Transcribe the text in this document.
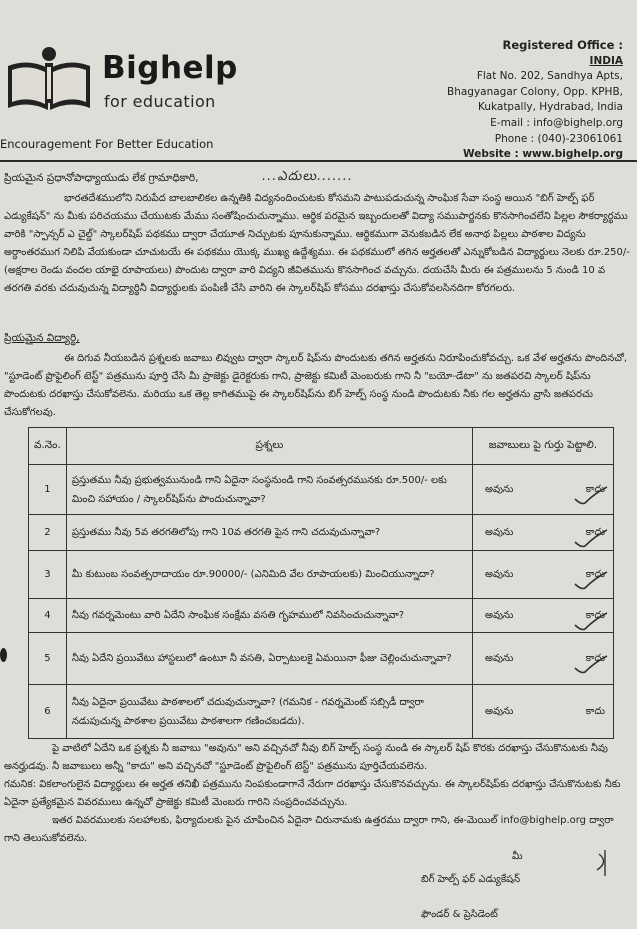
Bighelp
for education
Encouragement For Better Education
Registered Office :
INDIA
Flat No. 202, Sandhya Apts,
Bhagyanagar Colony, Opp. KPHB,
Kukatpally, Hydrabad, India
E-mail : info@bighelp.org
Phone : (040)-23061061
Website : www.bighelp.org
ప్రియమైన ప్రధానోపాధ్యాయుడు లేక గ్రామాధికారి,	...ఎదులు.......
భారతదేశములోని నిరుపేద బాలబాలికల ఉన్నతికి విద్యనందించుటకు కోసమని పాటుపడుచున్న సాంఘిక సేవా సంస్థ అయిన "బిగ్ హెల్ప్ ఫర్ ఎడ్యుకేషన్" ను మీకు పరిచయము చేయుటకు మేము సంతోషించుచున్నాము. ఆర్థిక పరమైన ఇబ్బందులతో విద్యా సముపార్జనకు కొనసాగించలేని పిల్లల సౌకర్యార్థము వారికి "స్పాన్సర్ ఎ చైల్డ్" స్కాలర్‌షిప్ పథకము ద్వారా చేయూత నిచ్చుటకు పూనుకున్నాము. ఆర్థికముగా వెనుకబడిన లేక అనాథ పిల్లలు పాఠశాల విద్యను అర్ధాంతరముగ నిలిపి వేయకుండా చూచుటయే ఈ పథకము యొక్క ముఖ్య ఉద్దేశ్యము. ఈ పథకములో తగిన అర్హతలతో ఎన్నుకోబడిన విద్యార్థులు నెలకు రూ.250/- (అక్షరాల రెండు వందల యాభై రూపాయలు) పొందుట ద్వారా వారి విద్యని జీవితమును కొనసాగించ వచ్చును. దయచేసి మీరు ఈ పత్రములను 5 నుండి 10 వ తరగతి వరకు చదువుచున్న విద్యార్థినీ విద్యార్థులకు పంపిణీ చేసి వారిని ఈ స్కాలర్‌షిప్ కోసము దరఖాస్తు చేసుకోవలసినదిగా కోరగలరు.
ప్రియమైన విద్యార్థి,
ఈ దిగువ నీయబడిన ప్రశ్నలకు జవాబు లివ్వుట ద్వారా స్కాలర్ షిప్‌ను పొందుటకు తగిన అర్హతను నిరూపించుకోవచ్చు. ఒక వేళ అర్హతను పొందినచో, "స్టూడెంట్ ప్రొఫైలింగ్ టెస్ట్" పత్రమును పూర్తి చేసి మీ ప్రాజెక్టు డైరెక్టరుకు గాని, ప్రాజెక్టు కమిటీ మెంబరుకు గాని నీ "బయో-డేటా" ను జతపరచి స్కాలర్ షిప్‌ను పొందుటకు దరఖాస్తు చేసుకోవలెను. మరియు ఒక తెల్ల కాగితముపై ఈ స్కాలర్‌షిప్‌ను బిగ్ హెల్ప్ సంస్థ నుండి పొందుటకు నీకు గల అర్హతను వ్రాసి జతపరచు చేసుకోగలవు.
వ.నెం.	ప్రశ్నలు	జవాబులు పై గుర్తు పెట్టాలి.
1	ప్రస్తుతము నీవు ప్రభుత్వమునుండి గాని ఏదైనా సంస్థనుండి గాని సంవత్సరమునకు రూ.500/- లకు మించి సహాయం / స్కాలర్‌షిప్‌ను పొందుచున్నావా?	అవును కాదు

2	ప్రస్తుతము నీవు 5వ తరగతిలోపు గాని 10వ తరగతి పైన గాని చదువుచున్నావా?	అవును కాదు

3	మీ కుటుంబ సంవత్సరాదాయం రూ.90000/- (ఎనిమిది వేల రూపాయలకు) మించియున్నాదా?	అవును కాదు

4	నీవు గవర్నమెంటు వారి ఏదేని సాంఘిక సంక్షేమ వసతి గృహములో నివసించుచున్నావా?	అవును కాదు

5	నీవు ఏదేని ప్రయివేటు హాస్టలులో ఉంటూ నీ వసతి, ఏర్పాటులకై ఏమయినా ఫీజు చెల్లించుచున్నావా?	అవును కాదు

6	నీవు ఏదైనా ప్రయివేటు పాఠశాలలో చదువుచున్నావా? (గమనిక - గవర్నమెంట్ సబ్సిడీ ద్వారా నడుపుచున్న పాఠశాల ప్రయివేటు పాఠశాలగా గణించబడదు).	అవును కాదు
పై వాటిలో ఏదేని ఒక ప్రశ్నకు నీ జవాబు "అవును" అని వచ్చినచో నీవు బిగ్ హెల్ప్ సంస్థ నుండి ఈ స్కాలర్ షిప్ కొరకు దరఖాస్తు చేసుకొనుటకు నీవు అనర్హుడవు. నీ జవాబులు అన్నీ "కాదు" అని వచ్చినచో "స్టూడెంట్ ప్రొఫైలింగ్ టెస్ట్" పత్రమును పూర్తిచేయవలెను.
గమనిక: వికలాంగులైన విద్యార్థులు ఈ అర్హత తనిఖీ పత్రమును నింపకుండాగానే నేరుగా దరఖాస్తు చేసుకొనవచ్చును. ఈ స్కాలర్‌షిప్‌కు దరఖాస్తు చేసుకొనుటకు నీకు ఏదైనా ప్రత్యేకమైన వివరములు ఉన్నచో ప్రాజెక్టు కమిటీ మెంబరు గారిని సంప్రదించవచ్చును.
ఇతర వివరములకు సలహాలకు, ఫిర్యాదులకు పైన చూపించిన ఏదైనా చిరునామకు ఉత్తరము ద్వారా గాని, ఈ-మెయిల్ info@bighelp.org ద్వారా గాని తెలుసుకోవలెను.
మీ
బిగ్ హెల్ప్ ఫర్ ఎడ్యుకేషన్
ఫౌండర్ & ప్రెసిడెంట్
